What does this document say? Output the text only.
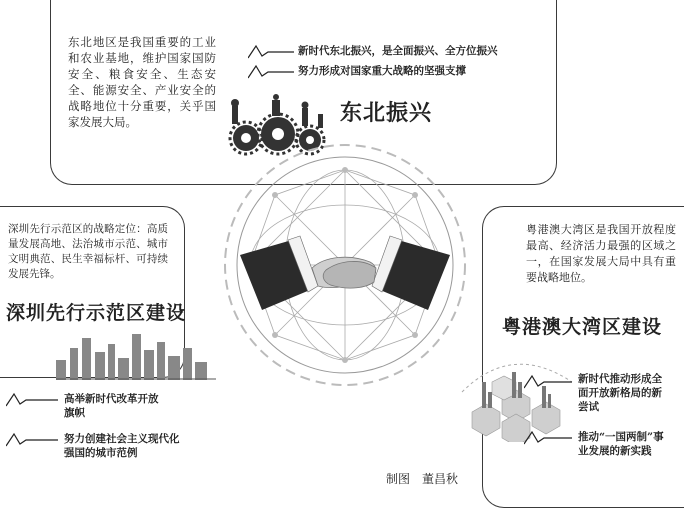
东北地区是我国重要的工业和农业基地，维护国家国防安全、粮食安全、生态安全、能源安全、产业安全的战略地位十分重要，关乎国家发展大局。
新时代东北振兴，是全面振兴、全方位振兴
努力形成对国家重大战略的坚强支撑
东北振兴
深圳先行示范区的战略定位：高质量发展高地、法治城市示范、城市文明典范、民生幸福标杆、可持续发展先锋。
深圳先行示范区建设
高举新时代改革开放旗帜
努力创建社会主义现代化强国的城市范例
粤港澳大湾区是我国开放程度最高、经济活力最强的区域之一，在国家发展大局中具有重要战略地位。
粤港澳大湾区建设
新时代推动形成全面开放新格局的新尝试
推动“一国两制”事业发展的新实践
制图　董昌秋
